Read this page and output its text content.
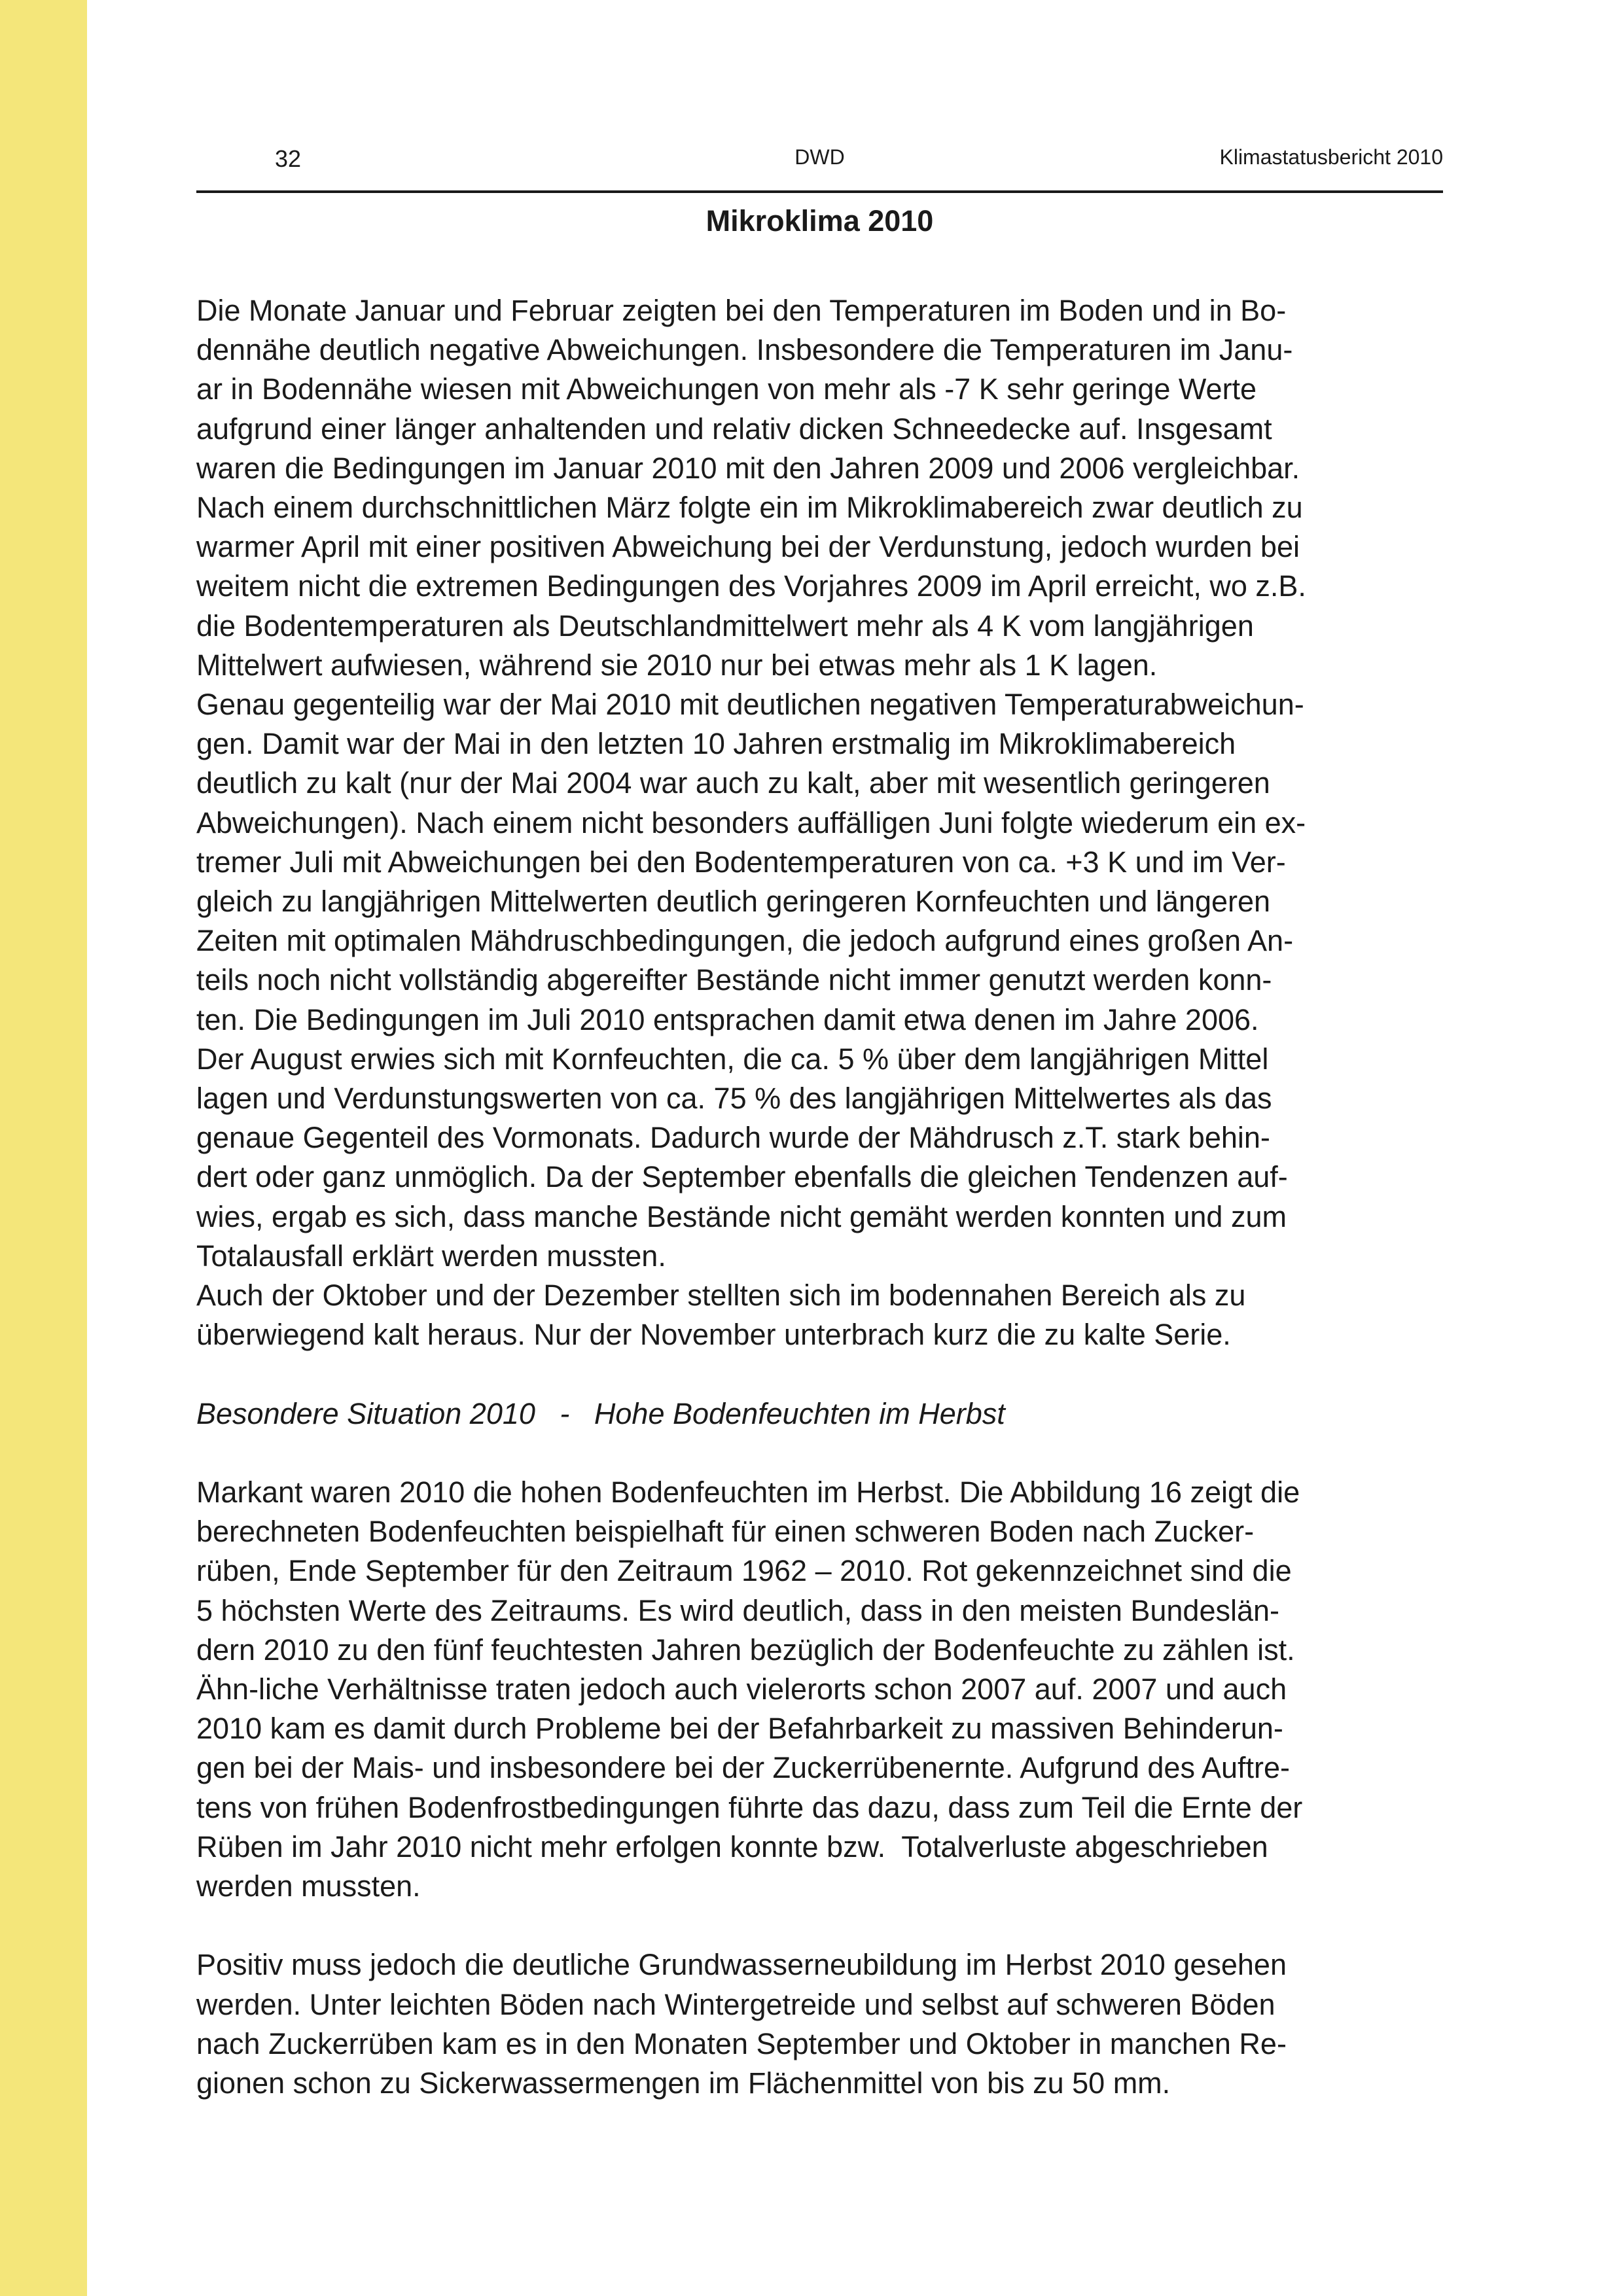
32	DWD	Klimastatusbericht 2010
Mikroklima 2010

Die Monate Januar und Februar zeigten bei den Temperaturen im Boden und in Bo-

dennähe deutlich negative Abweichungen. Insbesondere die Temperaturen im Janu-

ar in Bodennähe wiesen mit Abweichungen von mehr als -7 K sehr geringe Werte

aufgrund einer länger anhaltenden und relativ dicken Schneedecke auf. Insgesamt

waren die Bedingungen im Januar 2010 mit den Jahren 2009 und 2006 vergleichbar.

Nach einem durchschnittlichen März folgte ein im Mikroklimabereich zwar deutlich zu

warmer April mit einer positiven Abweichung bei der Verdunstung, jedoch wurden bei

weitem nicht die extremen Bedingungen des Vorjahres 2009 im April erreicht, wo z.B.

die Bodentemperaturen als Deutschlandmittelwert mehr als 4 K vom langjährigen

Mittelwert aufwiesen, während sie 2010 nur bei etwas mehr als 1 K lagen.

Genau gegenteilig war der Mai 2010 mit deutlichen negativen Temperaturabweichun-

gen. Damit war der Mai in den letzten 10 Jahren erstmalig im Mikroklimabereich

deutlich zu kalt (nur der Mai 2004 war auch zu kalt, aber mit wesentlich geringeren

Abweichungen). Nach einem nicht besonders auffälligen Juni folgte wiederum ein ex-

tremer Juli mit Abweichungen bei den Bodentemperaturen von ca. +3 K und im Ver-

gleich zu langjährigen Mittelwerten deutlich geringeren Kornfeuchten und längeren

Zeiten mit optimalen Mähdruschbedingungen, die jedoch aufgrund eines großen An-

teils noch nicht vollständig abgereifter Bestände nicht immer genutzt werden konn-

ten. Die Bedingungen im Juli 2010 entsprachen damit etwa denen im Jahre 2006.

Der August erwies sich mit Kornfeuchten, die ca. 5 % über dem langjährigen Mittel

lagen und Verdunstungswerten von ca. 75 % des langjährigen Mittelwertes als das

genaue Gegenteil des Vormonats. Dadurch wurde der Mähdrusch z.T. stark behin-

dert oder ganz unmöglich. Da der September ebenfalls die gleichen Tendenzen auf-

wies, ergab es sich, dass manche Bestände nicht gemäht werden konnten und zum

Totalausfall erklärt werden mussten.

Auch der Oktober und der Dezember stellten sich im bodennahen Bereich als zu

überwiegend kalt heraus. Nur der November unterbrach kurz die zu kalte Serie.

Besondere Situation 2010   -   Hohe Bodenfeuchten im Herbst

Markant waren 2010 die hohen Bodenfeuchten im Herbst. Die Abbildung 16 zeigt die

berechneten Bodenfeuchten beispielhaft für einen schweren Boden nach Zucker-

rüben, Ende September für den Zeitraum 1962 – 2010. Rot gekennzeichnet sind die

5 höchsten Werte des Zeitraums. Es wird deutlich, dass in den meisten Bundeslän-

dern 2010 zu den fünf feuchtesten Jahren bezüglich der Bodenfeuchte zu zählen ist.

Ähn-liche Verhältnisse traten jedoch auch vielerorts schon 2007 auf. 2007 und auch

2010 kam es damit durch Probleme bei der Befahrbarkeit zu massiven Behinderun-

gen bei der Mais- und insbesondere bei der Zuckerrübenernte. Aufgrund des Auftre-

tens von frühen Bodenfrostbedingungen führte das dazu, dass zum Teil die Ernte der

Rüben im Jahr 2010 nicht mehr erfolgen konnte bzw.  Totalverluste abgeschrieben

werden mussten.

Positiv muss jedoch die deutliche Grundwasserneubildung im Herbst 2010 gesehen

werden. Unter leichten Böden nach Wintergetreide und selbst auf schweren Böden

nach Zuckerrüben kam es in den Monaten September und Oktober in manchen Re-

gionen schon zu Sickerwassermengen im Flächenmittel von bis zu 50 mm.
